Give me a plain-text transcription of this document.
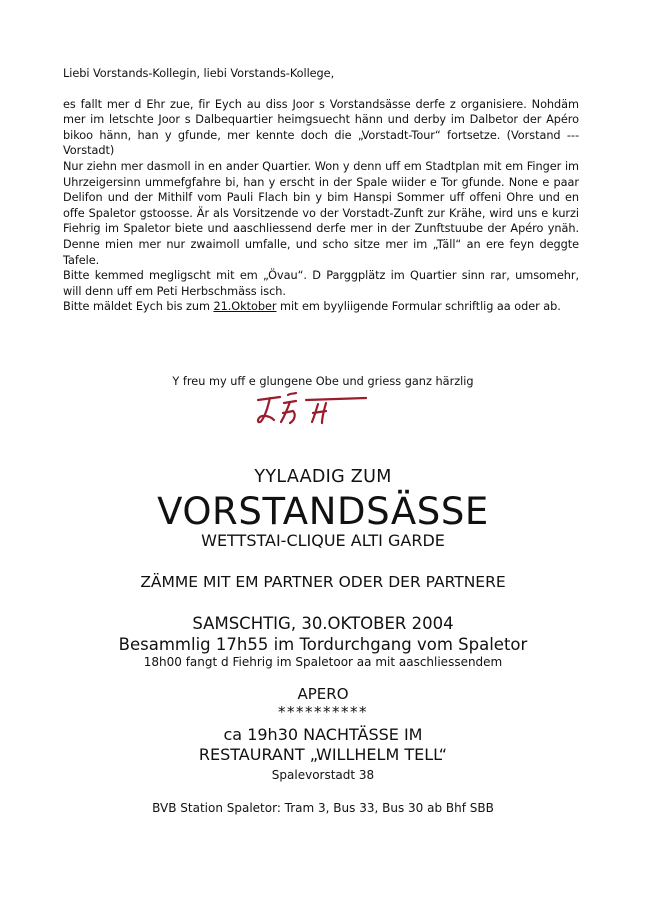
Liebi Vorstands-Kollegin, liebi Vorstands-Kollege,

es fallt mer d Ehr zue, fir Eych au diss Joor s Vorstandsässe derfe z organisiere. Nohdäm mer im letschte Joor s Dalbequartier heimgsuecht hänn und derby im Dalbetor der Apéro bikoo hänn, han y gfunde, mer kennte doch die „Vorstadt-Tour“ fortsetze. (Vorstand --- Vorstadt)

Nur ziehn mer dasmoll in en ander Quartier. Won y denn uff em Stadtplan mit em Finger im Uhrzeigersinn ummefgfahre bi, han y erscht in der Spale wiider e Tor gfunde. None e paar Delifon und der Mithilf vom Pauli Flach bin y bim Hanspi Sommer uff offeni Ohre und en offe Spaletor gstoosse. Är als Vorsitzende vo der Vorstadt-Zunft zur Krähe, wird uns e kurzi Fiehrig im Spaletor biete und aaschliessend derfe mer in der Zunftstuube der Apéro ynäh. Denne mien mer nur zwaimoll umfalle, und scho sitze mer im „Täll“ an ere feyn deggte Tafele.

Bitte kemmed megligscht mit em „Övau“. D Parggplätz im Quartier sinn rar, umsomehr, will denn uff em Peti Herbschmäss isch.

Bitte mäldet Eych bis zum 21.Oktober mit em byyliigende Formular schriftlig aa oder ab.

Y freu my uff e glungene Obe und griess ganz härzlig
YYLAADIG ZUM
VORSTANDSÄSSE
WETTSTAI-CLIQUE ALTI GARDE
ZÄMME MIT EM PARTNER ODER DER PARTNERE
SAMSCHTIG, 30.OKTOBER 2004
Besammlig 17h55 im Tordurchgang vom Spaletor
18h00 fangt d Fiehrig im Spaletoor aa mit aaschliessendem
APERO
**********
ca 19h30 NACHTÄSSE IM
RESTAURANT „WILLHELM TELL“
Spalevorstadt 38
BVB Station Spaletor: Tram 3, Bus 33, Bus 30 ab Bhf SBB
